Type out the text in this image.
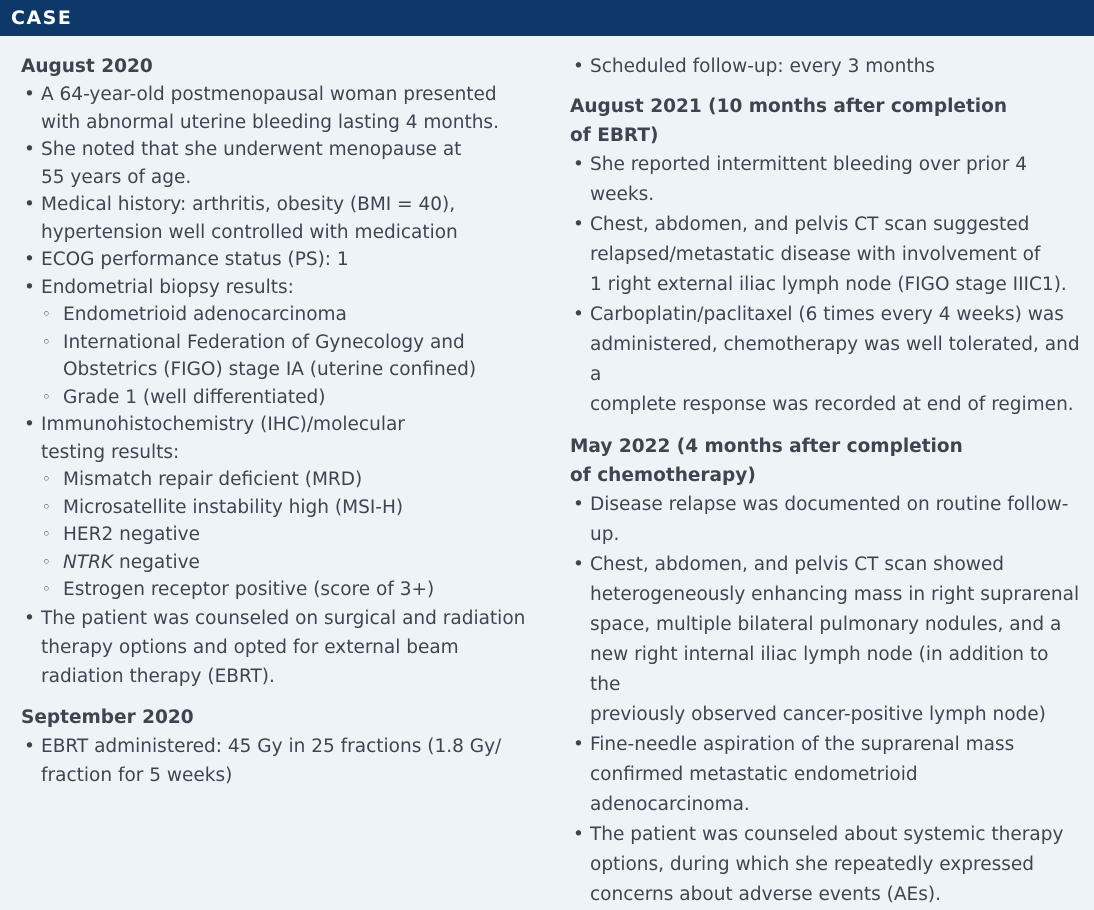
CASE

August 2020

• A 64-year-old postmenopausal woman presented with abnormal uterine bleeding lasting 4 months.
• She noted that she underwent menopause at
55 years of age.
• Medical history: arthritis, obesity (BMI = 40),
hypertension well controlled with medication
• ECOG performance status (PS): 1
• Endometrial biopsy results:
◦ Endometrioid adenocarcinoma
◦ International Federation of Gynecology and
Obstetrics (FIGO) stage IA (uterine confined)
◦ Grade 1 (well differentiated)
• Immunohistochemistry (IHC)/molecular
testing results:
◦ Mismatch repair deficient (MRD)
◦ Microsatellite instability high (MSI-H)
◦ HER2 negative
◦ NTRK negative
◦ Estrogen receptor positive (score of 3+)
• The patient was counseled on surgical and radiation therapy options and opted for external beam radiation therapy (EBRT).

September 2020

• EBRT administered: 45 Gy in 25 fractions (1.8 Gy/
fraction for 5 weeks)
• Scheduled follow-up: every 3 months

August 2021 (10 months after completion
of EBRT)

• She reported intermittent bleeding over prior 4
weeks.
• Chest, abdomen, and pelvis CT scan suggested
relapsed/metastatic disease with involvement of
1 right external iliac lymph node (FIGO stage IIIC1).
• Carboplatin/paclitaxel (6 times every 4 weeks) was
administered, chemotherapy was well tolerated, and a
complete response was recorded at end of regimen.

May 2022 (4 months after completion
of chemotherapy)

• Disease relapse was documented on routine follow-up.
• Chest, abdomen, and pelvis CT scan showed
heterogeneously enhancing mass in right suprarenal
space, multiple bilateral pulmonary nodules, and a
new right internal iliac lymph node (in addition to the
previously observed cancer-positive lymph node)
• Fine-needle aspiration of the suprarenal mass
confirmed metastatic endometrioid adenocarcinoma.
• The patient was counseled about systemic therapy
options, during which she repeatedly expressed
concerns about adverse events (AEs).
